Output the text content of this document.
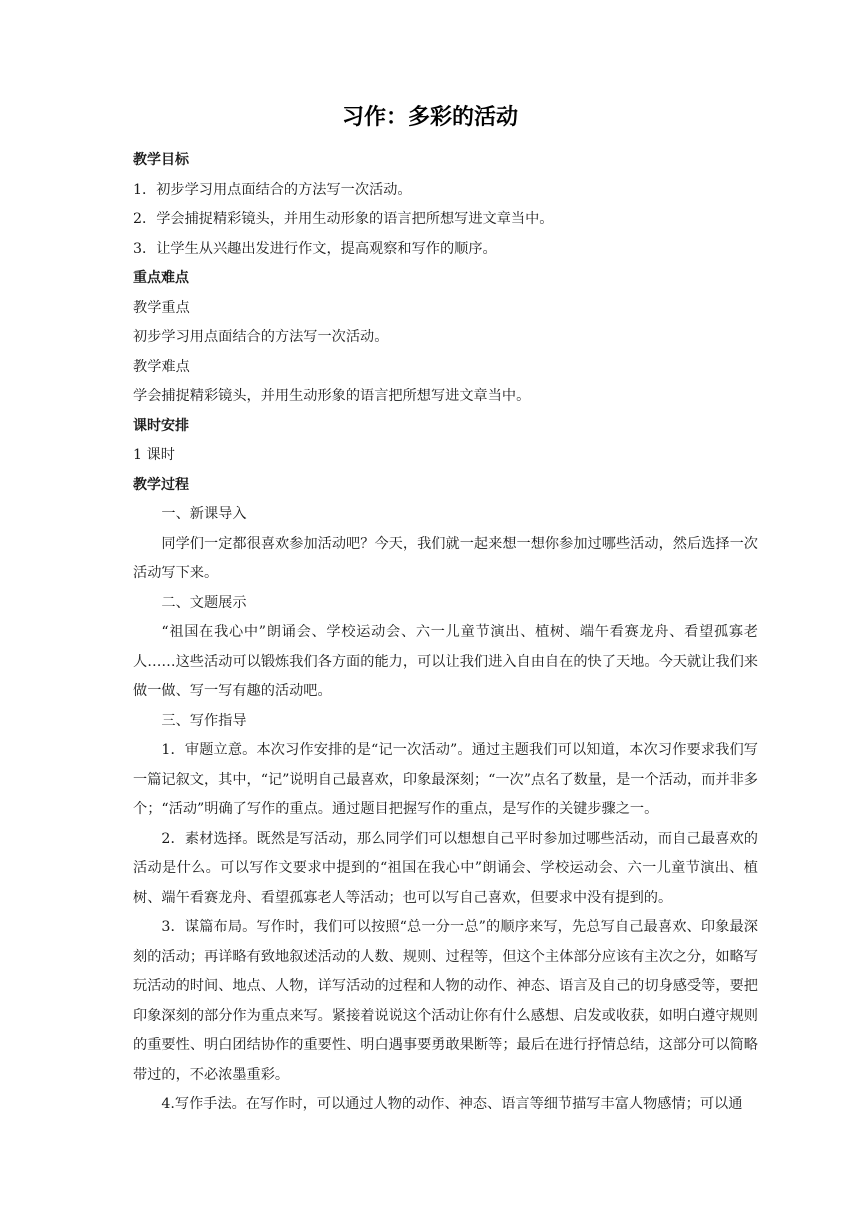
习作：多彩的活动

教学目标

1．初步学习用点面结合的方法写一次活动。

2．学会捕捉精彩镜头，并用生动形象的语言把所想写进文章当中。

3．让学生从兴趣出发进行作文，提高观察和写作的顺序。

重点难点

教学重点

初步学习用点面结合的方法写一次活动。

教学难点

学会捕捉精彩镜头，并用生动形象的语言把所想写进文章当中。

课时安排

1 课时

教学过程

一、新课导入

同学们一定都很喜欢参加活动吧？今天，我们就一起来想一想你参加过哪些活动，然后选择一次活动写下来。

二、文题展示

“祖国在我心中”朗诵会、学校运动会、六一儿童节演出、植树、端午看赛龙舟、看望孤寡老人……这些活动可以锻炼我们各方面的能力，可以让我们进入自由自在的快了天地。今天就让我们来做一做、写一写有趣的活动吧。

三、写作指导

1．审题立意。本次习作安排的是“记一次活动”。通过主题我们可以知道，本次习作要求我们写一篇记叙文，其中，“记”说明自己最喜欢，印象最深刻；“一次”点名了数量，是一个活动，而并非多个；“活动”明确了写作的重点。通过题目把握写作的重点，是写作的关键步骤之一。

2．素材选择。既然是写活动，那么同学们可以想想自己平时参加过哪些活动，而自己最喜欢的活动是什么。可以写作文要求中提到的“祖国在我心中”朗诵会、学校运动会、六一儿童节演出、植树、端午看赛龙舟、看望孤寡老人等活动；也可以写自己喜欢，但要求中没有提到的。

3．谋篇布局。写作时，我们可以按照“总一分一总”的顺序来写，先总写自己最喜欢、印象最深刻的活动；再详略有致地叙述活动的人数、规则、过程等，但这个主体部分应该有主次之分，如略写玩活动的时间、地点、人物，详写活动的过程和人物的动作、神态、语言及自己的切身感受等，要把印象深刻的部分作为重点来写。紧接着说说这个活动让你有什么感想、启发或收获，如明白遵守规则的重要性、明白团结协作的重要性、明白遇事要勇敢果断等；最后在进行抒情总结，这部分可以简略带过的，不必浓墨重彩。

4.写作手法。在写作时，可以通过人物的动作、神态、语言等细节描写丰富人物感情；可以通
